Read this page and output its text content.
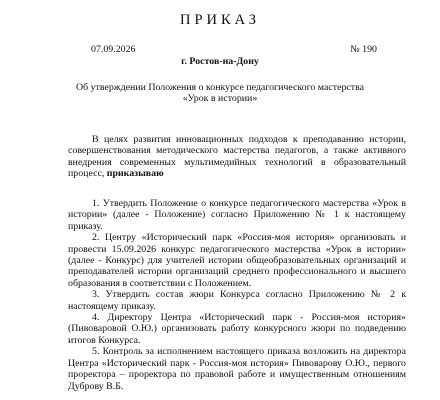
ПРИКАЗ
07.09.2026	№ 190
г. Ростов-на-Дону
Об утверждении Положения о конкурсе педагогического мастерства
«Урок в истории»
В целях развития инновационных подходов к преподаванию истории, совершенствования методического мастерства педагогов, а также активного внедрения современных мультимедийных технологий в образовательный процесс, приказываю

1. Утвердить Положение о конкурсе педагогического мастерства «Урок в истории» (далее - Положение) согласно Приложению № 1 к настоящему приказу.

2. Центру «Исторический парк «Россия-моя история» организовать и провести 15.09.2026 конкурс педагогического мастерства «Урок в истории» (далее - Конкурс) для учителей истории общеобразовательных организаций и преподавателей истории организаций среднего профессионального и высшего образования в соответствии с Положением.

3. Утвердить состав жюри Конкурса согласно Приложению № 2 к настоящему приказу.

4. Директору Центра «Исторический парк - Россия-моя история» (Пивоваровой О.Ю.) организовать работу конкурсного жюри по подведению итогов Конкурса.

5. Контроль за исполнением настоящего приказа возложить на директора Центра «Исторический парк - Россия-моя история» Пивоварову О.Ю., первого проректора – проректора по правовой работе и имущественным отношениям Дуброву В.Б.
